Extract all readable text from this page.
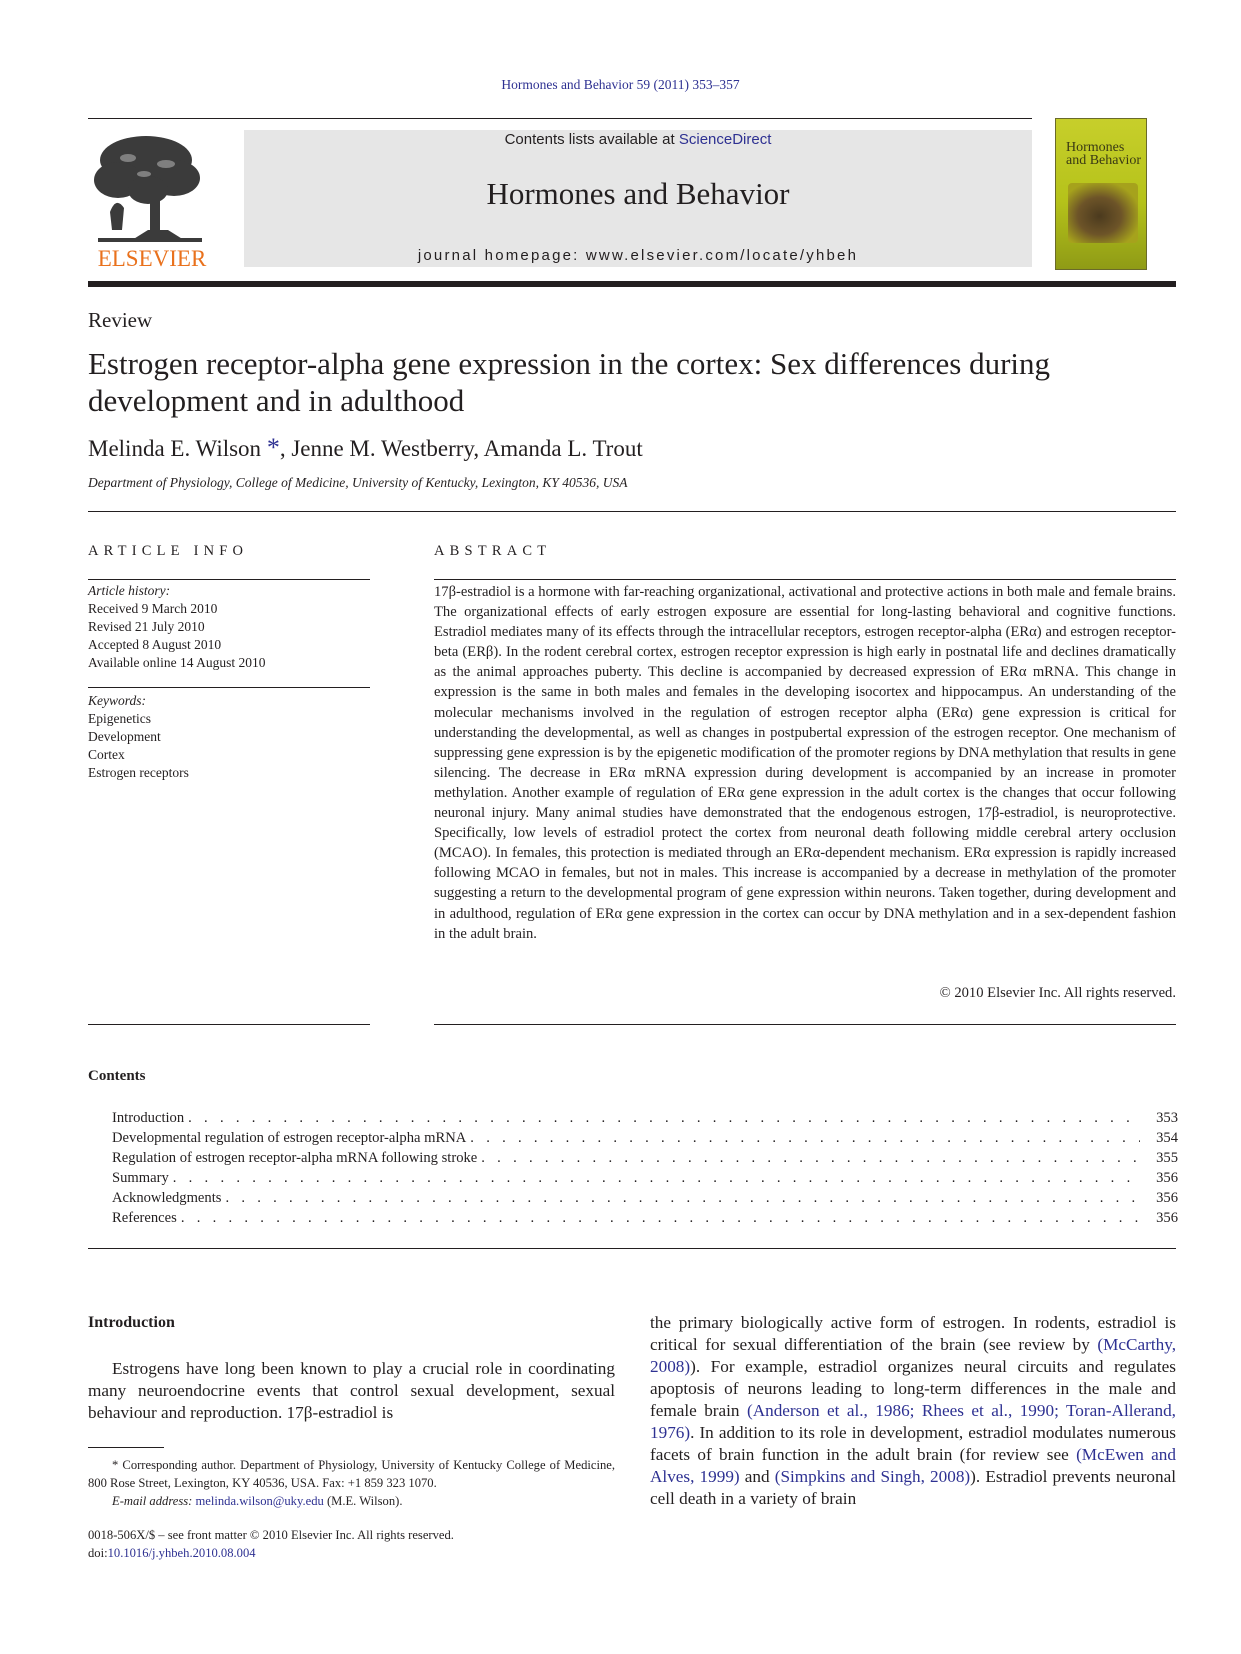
Hormones and Behavior 59 (2011) 353–357
ELSEVIER
Contents lists available at ScienceDirect
Hormones and Behavior
journal homepage: www.elsevier.com/locate/yhbeh
Hormones and Behavior
Review
Estrogen receptor-alpha gene expression in the cortex: Sex differences during development and in adulthood
Melinda E. Wilson *, Jenne M. Westberry, Amanda L. Trout
Department of Physiology, College of Medicine, University of Kentucky, Lexington, KY 40536, USA
ARTICLE INFO
Article history:
Received 9 March 2010
Revised 21 July 2010
Accepted 8 August 2010
Available online 14 August 2010
Keywords:
Epigenetics
Development
Cortex
Estrogen receptors
ABSTRACT
17β-estradiol is a hormone with far-reaching organizational, activational and protective actions in both male and female brains. The organizational effects of early estrogen exposure are essential for long-lasting behavioral and cognitive functions. Estradiol mediates many of its effects through the intracellular receptors, estrogen receptor-alpha (ERα) and estrogen receptor-beta (ERβ). In the rodent cerebral cortex, estrogen receptor expression is high early in postnatal life and declines dramatically as the animal approaches puberty. This decline is accompanied by decreased expression of ERα mRNA. This change in expression is the same in both males and females in the developing isocortex and hippocampus. An understanding of the molecular mechanisms involved in the regulation of estrogen receptor alpha (ERα) gene expression is critical for understanding the developmental, as well as changes in postpubertal expression of the estrogen receptor. One mechanism of suppressing gene expression is by the epigenetic modification of the promoter regions by DNA methylation that results in gene silencing. The decrease in ERα mRNA expression during development is accompanied by an increase in promoter methylation. Another example of regulation of ERα gene expression in the adult cortex is the changes that occur following neuronal injury. Many animal studies have demonstrated that the endogenous estrogen, 17β-estradiol, is neuroprotective. Specifically, low levels of estradiol protect the cortex from neuronal death following middle cerebral artery occlusion (MCAO). In females, this protection is mediated through an ERα-dependent mechanism. ERα expression is rapidly increased following MCAO in females, but not in males. This increase is accompanied by a decrease in methylation of the promoter suggesting a return to the developmental program of gene expression within neurons. Taken together, during development and in adulthood, regulation of ERα gene expression in the cortex can occur by DNA methylation and in a sex-dependent fashion in the adult brain.
© 2010 Elsevier Inc. All rights reserved.
Contents
Introduction . . .	353
Developmental regulation of estrogen receptor-alpha mRNA . . .	354
Regulation of estrogen receptor-alpha mRNA following stroke . . .	355
Summary . . .	356
Acknowledgments . . .	356
References . . .	356
Introduction
Estrogens have long been known to play a crucial role in coordinating many neuroendocrine events that control sexual development, sexual behaviour and reproduction. 17β-estradiol is
* Corresponding author. Department of Physiology, University of Kentucky College of Medicine, 800 Rose Street, Lexington, KY 40536, USA. Fax: +1 859 323 1070.
E-mail address: melinda.wilson@uky.edu (M.E. Wilson).
0018-506X/$ – see front matter © 2010 Elsevier Inc. All rights reserved.
doi:10.1016/j.yhbeh.2010.08.004
the primary biologically active form of estrogen. In rodents, estradiol is critical for sexual differentiation of the brain (see review by (McCarthy, 2008)). For example, estradiol organizes neural circuits and regulates apoptosis of neurons leading to long-term differences in the male and female brain (Anderson et al., 1986; Rhees et al., 1990; Toran-Allerand, 1976). In addition to its role in development, estradiol modulates numerous facets of brain function in the adult brain (for review see (McEwen and Alves, 1999) and (Simpkins and Singh, 2008)). Estradiol prevents neuronal cell death in a variety of brain
